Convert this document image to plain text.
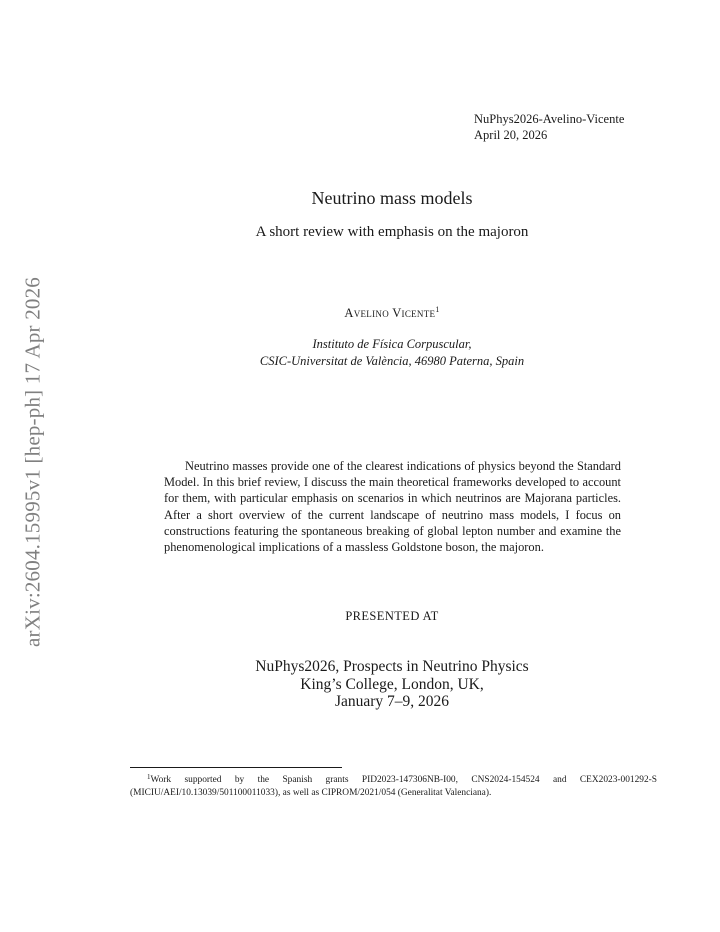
arXiv:2604.15995v1 [hep-ph] 17 Apr 2026
NuPhys2026-Avelino-Vicente
April 20, 2026
Neutrino mass models
A short review with emphasis on the majoron
Avelino Vicente$^1$
Instituto de Física Corpuscular,
CSIC-Universitat de València, 46980 Paterna, Spain
Neutrino masses provide one of the clearest indications of physics beyond the Standard Model. In this brief review, I discuss the main theoretical frameworks developed to account for them, with particular emphasis on scenarios in which neutrinos are Majorana particles. After a short overview of the current landscape of neutrino mass models, I focus on constructions featuring the spontaneous breaking of global lepton number and examine the phenomenological implications of a massless Goldstone boson, the majoron.
PRESENTED AT
NuPhys2026, Prospects in Neutrino Physics
King’s College, London, UK,
January 7–9, 2026
$^1$Work supported by the Spanish grants PID2023-147306NB-I00, CNS2024-154524 and CEX2023-001292-S (MICIU/AEI/10.13039/501100011033), as well as CIPROM/2021/054 (Generalitat Valenciana).
